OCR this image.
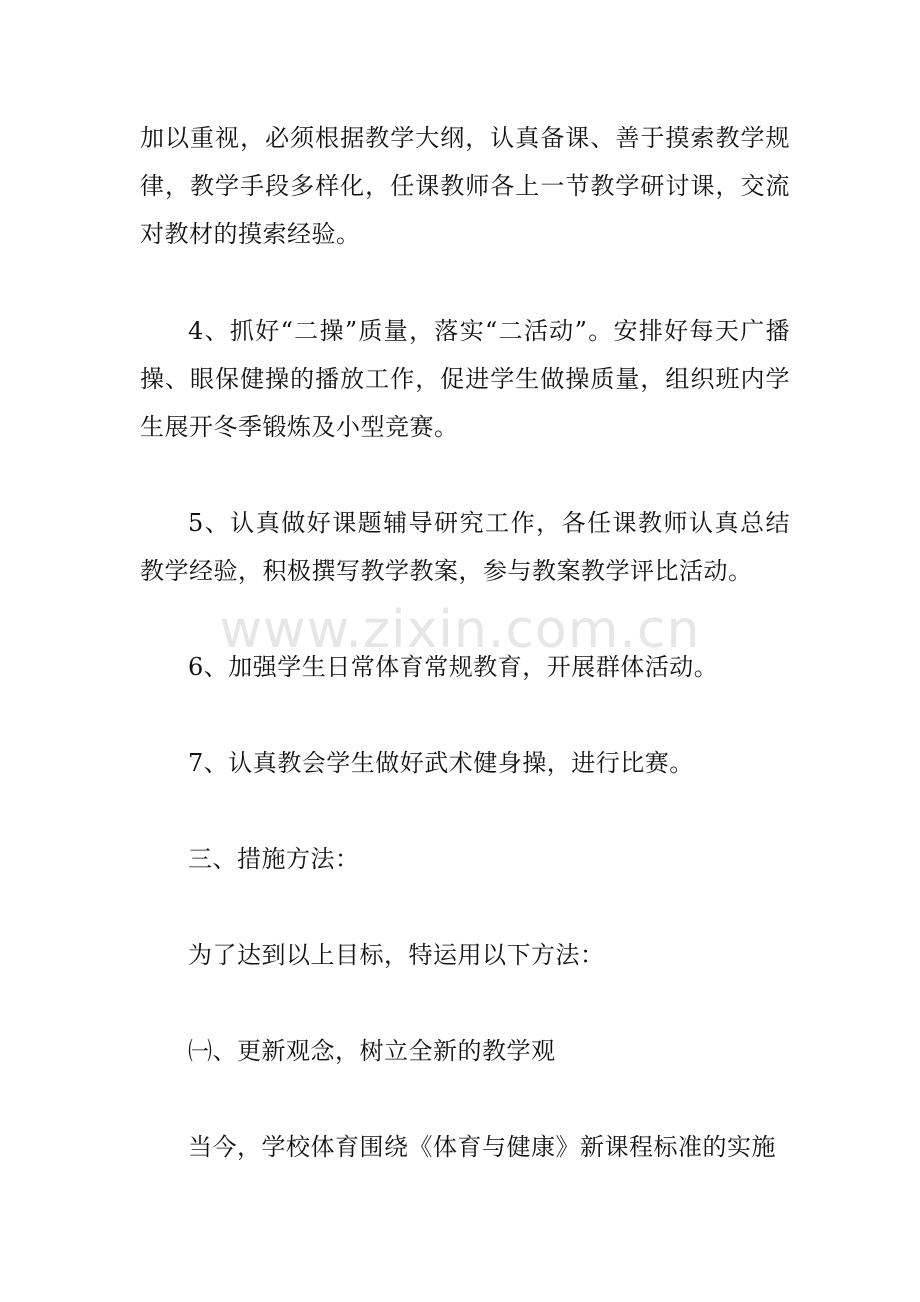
加以重视，必须根据教学大纲，认真备课、善于摸索教学规律，教学手段多样化，任课教师各上一节教学研讨课，交流对教材的摸索经验。

4、抓好“二操”质量，落实“二活动”。安排好每天广播操、眼保健操的播放工作，促进学生做操质量，组织班内学生展开冬季锻炼及小型竞赛。

5、认真做好课题辅导研究工作，各任课教师认真总结教学经验，积极撰写教学教案，参与教案教学评比活动。

6、加强学生日常体育常规教育，开展群体活动。

7、认真教会学生做好武术健身操，进行比赛。

三、措施方法：

为了达到以上目标，特运用以下方法：

㈠、更新观念，树立全新的教学观

当今，学校体育围绕《体育与健康》新课程标准的实施

www.zixin.com.cn
